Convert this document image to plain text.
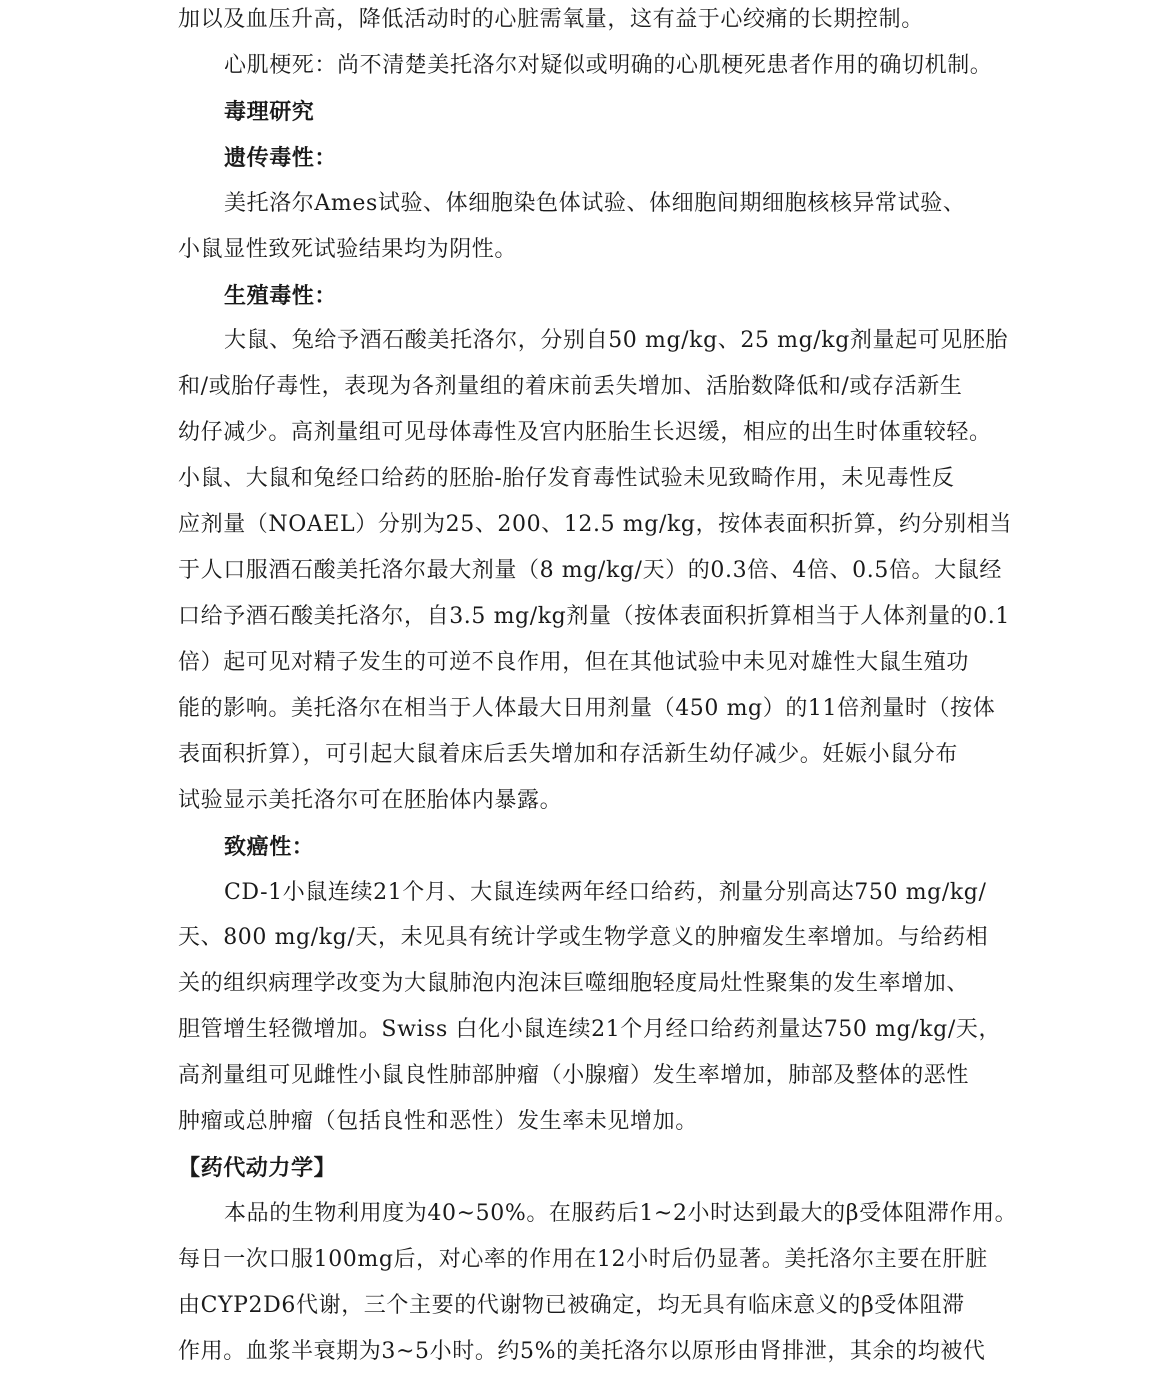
加以及血压升高，降低活动时的心脏需氧量，这有益于心绞痛的长期控制。
心肌梗死：尚不清楚美托洛尔对疑似或明确的心肌梗死患者作用的确切机制。
毒理研究
遗传毒性：
美托洛尔Ames试验、体细胞染色体试验、体细胞间期细胞核核异常试验、
小鼠显性致死试验结果均为阴性。
生殖毒性：
大鼠、兔给予酒石酸美托洛尔，分别自50 mg/kg、25 mg/kg剂量起可见胚胎
和/或胎仔毒性，表现为各剂量组的着床前丢失增加、活胎数降低和/或存活新生
幼仔减少。高剂量组可见母体毒性及宫内胚胎生长迟缓，相应的出生时体重较轻。
小鼠、大鼠和兔经口给药的胚胎-胎仔发育毒性试验未见致畸作用，未见毒性反
应剂量（NOAEL）分别为25、200、12.5 mg/kg，按体表面积折算，约分别相当
于人口服酒石酸美托洛尔最大剂量（8 mg/kg/天）的0.3倍、4倍、0.5倍。大鼠经
口给予酒石酸美托洛尔，自3.5 mg/kg剂量（按体表面积折算相当于人体剂量的0.1
倍）起可见对精子发生的可逆不良作用，但在其他试验中未见对雄性大鼠生殖功
能的影响。美托洛尔在相当于人体最大日用剂量（450 mg）的11倍剂量时（按体
表面积折算），可引起大鼠着床后丢失增加和存活新生幼仔减少。妊娠小鼠分布
试验显示美托洛尔可在胚胎体内暴露。
致癌性：
CD-1小鼠连续21个月、大鼠连续两年经口给药，剂量分别高达750 mg/kg/
天、800 mg/kg/天，未见具有统计学或生物学意义的肿瘤发生率增加。与给药相
关的组织病理学改变为大鼠肺泡内泡沫巨噬细胞轻度局灶性聚集的发生率增加、
胆管增生轻微增加。Swiss 白化小鼠连续21个月经口给药剂量达750 mg/kg/天，
高剂量组可见雌性小鼠良性肺部肿瘤（小腺瘤）发生率增加，肺部及整体的恶性
肿瘤或总肿瘤（包括良性和恶性）发生率未见增加。
【药代动力学】
本品的生物利用度为40~50%。在服药后1~2小时达到最大的β受体阻滞作用。
每日一次口服100mg后，对心率的作用在12小时后仍显著。美托洛尔主要在肝脏
由CYP2D6代谢，三个主要的代谢物已被确定，均无具有临床意义的β受体阻滞
作用。血浆半衰期为3~5小时。约5%的美托洛尔以原形由肾排泄，其余的均被代
